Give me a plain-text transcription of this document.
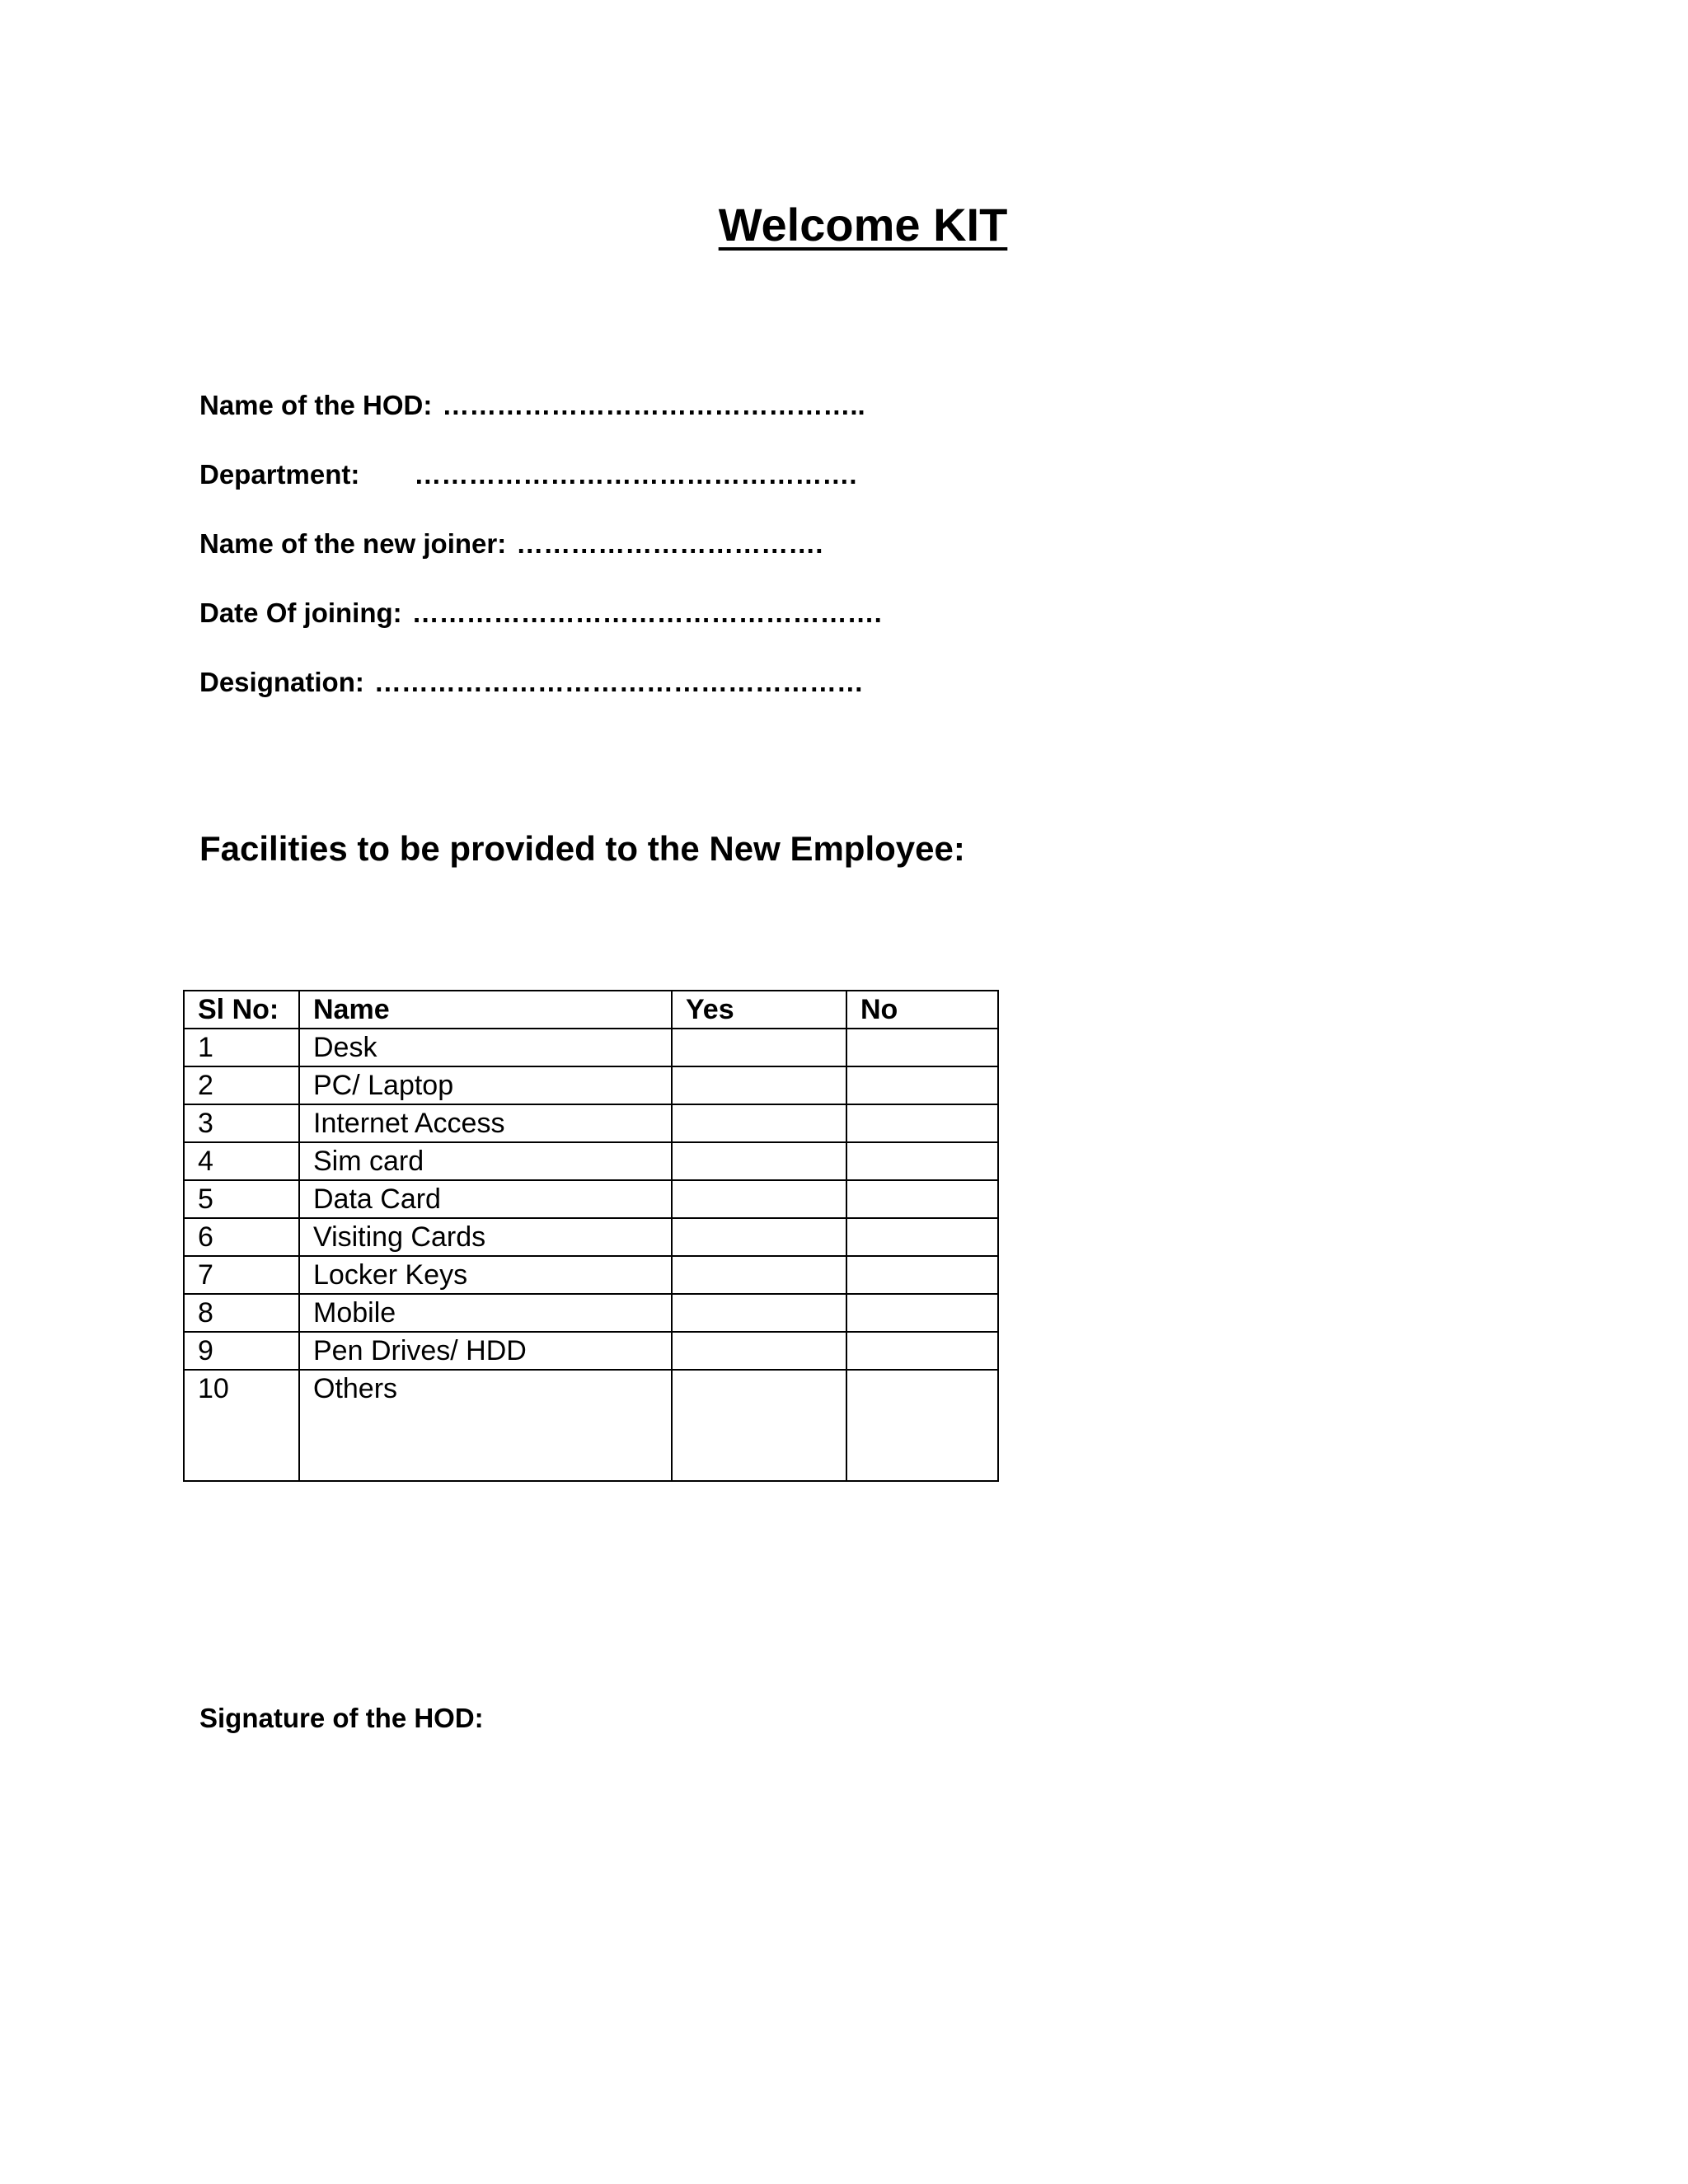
Welcome KIT
Name of the HOD: ………………………………………..
Department: ………………………………………….
Name of the new joiner: …………………………….
Date Of joining: …………………………………………….
Designation: ………………………………………………
Facilities to be provided to the New Employee:
Sl No:	Name	Yes	No
1	Desk		
2	PC/ Laptop		
3	Internet Access		
4	Sim card		
5	Data Card		
6	Visiting Cards		
7	Locker Keys		
8	Mobile		
9	Pen Drives/ HDD		
10	Others		
Signature of the HOD:
